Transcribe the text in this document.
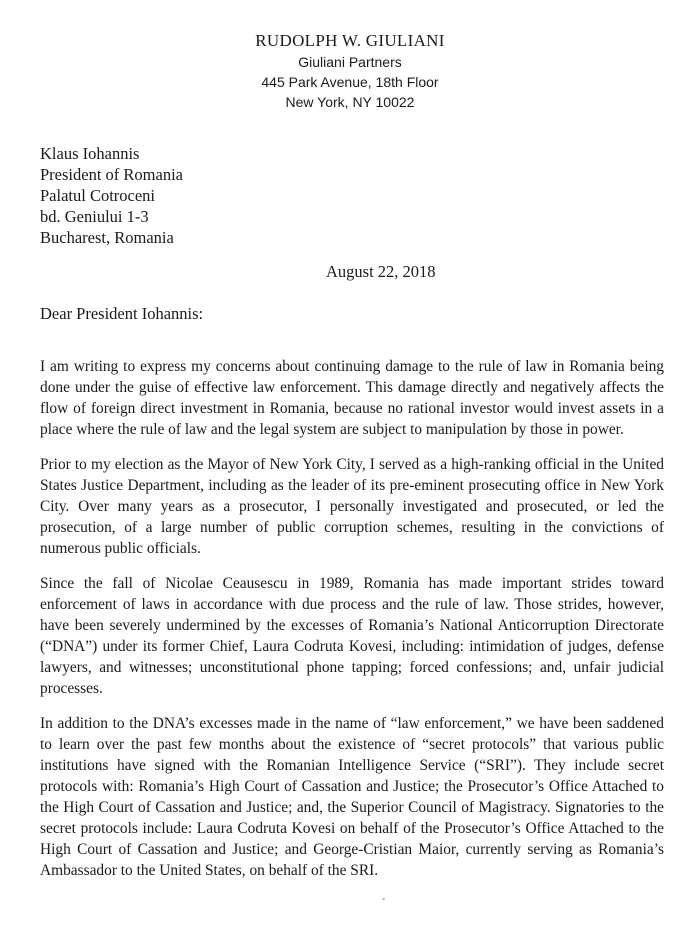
RUDOLPH W. GIULIANI
Giuliani Partners
445 Park Avenue, 18th Floor
New York, NY 10022
Klaus Iohannis
President of Romania
Palatul Cotroceni
bd. Geniului 1-3
Bucharest, Romania
August 22, 2018
Dear President Iohannis:

I am writing to express my concerns about continuing damage to the rule of law in Romania being done under the guise of effective law enforcement. This damage directly and negatively affects the flow of foreign direct investment in Romania, because no rational investor would invest assets in a place where the rule of law and the legal system are subject to manipulation by those in power.

Prior to my election as the Mayor of New York City, I served as a high-ranking official in the United States Justice Department, including as the leader of its pre-eminent prosecuting office in New York City. Over many years as a prosecutor, I personally investigated and prosecuted, or led the prosecution, of a large number of public corruption schemes, resulting in the convictions of numerous public officials.

Since the fall of Nicolae Ceausescu in 1989, Romania has made important strides toward enforcement of laws in accordance with due process and the rule of law. Those strides, however, have been severely undermined by the excesses of Romania’s National Anticorruption Directorate (“DNA”) under its former Chief, Laura Codruta Kovesi, including: intimidation of judges, defense lawyers, and witnesses; unconstitutional phone tapping; forced confessions; and, unfair judicial processes.

In addition to the DNA’s excesses made in the name of “law enforcement,” we have been saddened to learn over the past few months about the existence of “secret protocols” that various public institutions have signed with the Romanian Intelligence Service (“SRI”). They include secret protocols with: Romania’s High Court of Cassation and Justice; the Prosecutor’s Office Attached to the High Court of Cassation and Justice; and, the Superior Council of Magistracy. Signatories to the secret protocols include: Laura Codruta Kovesi on behalf of the Prosecutor’s Office Attached to the High Court of Cassation and Justice; and George-Cristian Maior, currently serving as Romania’s Ambassador to the United States, on behalf of the SRI.
